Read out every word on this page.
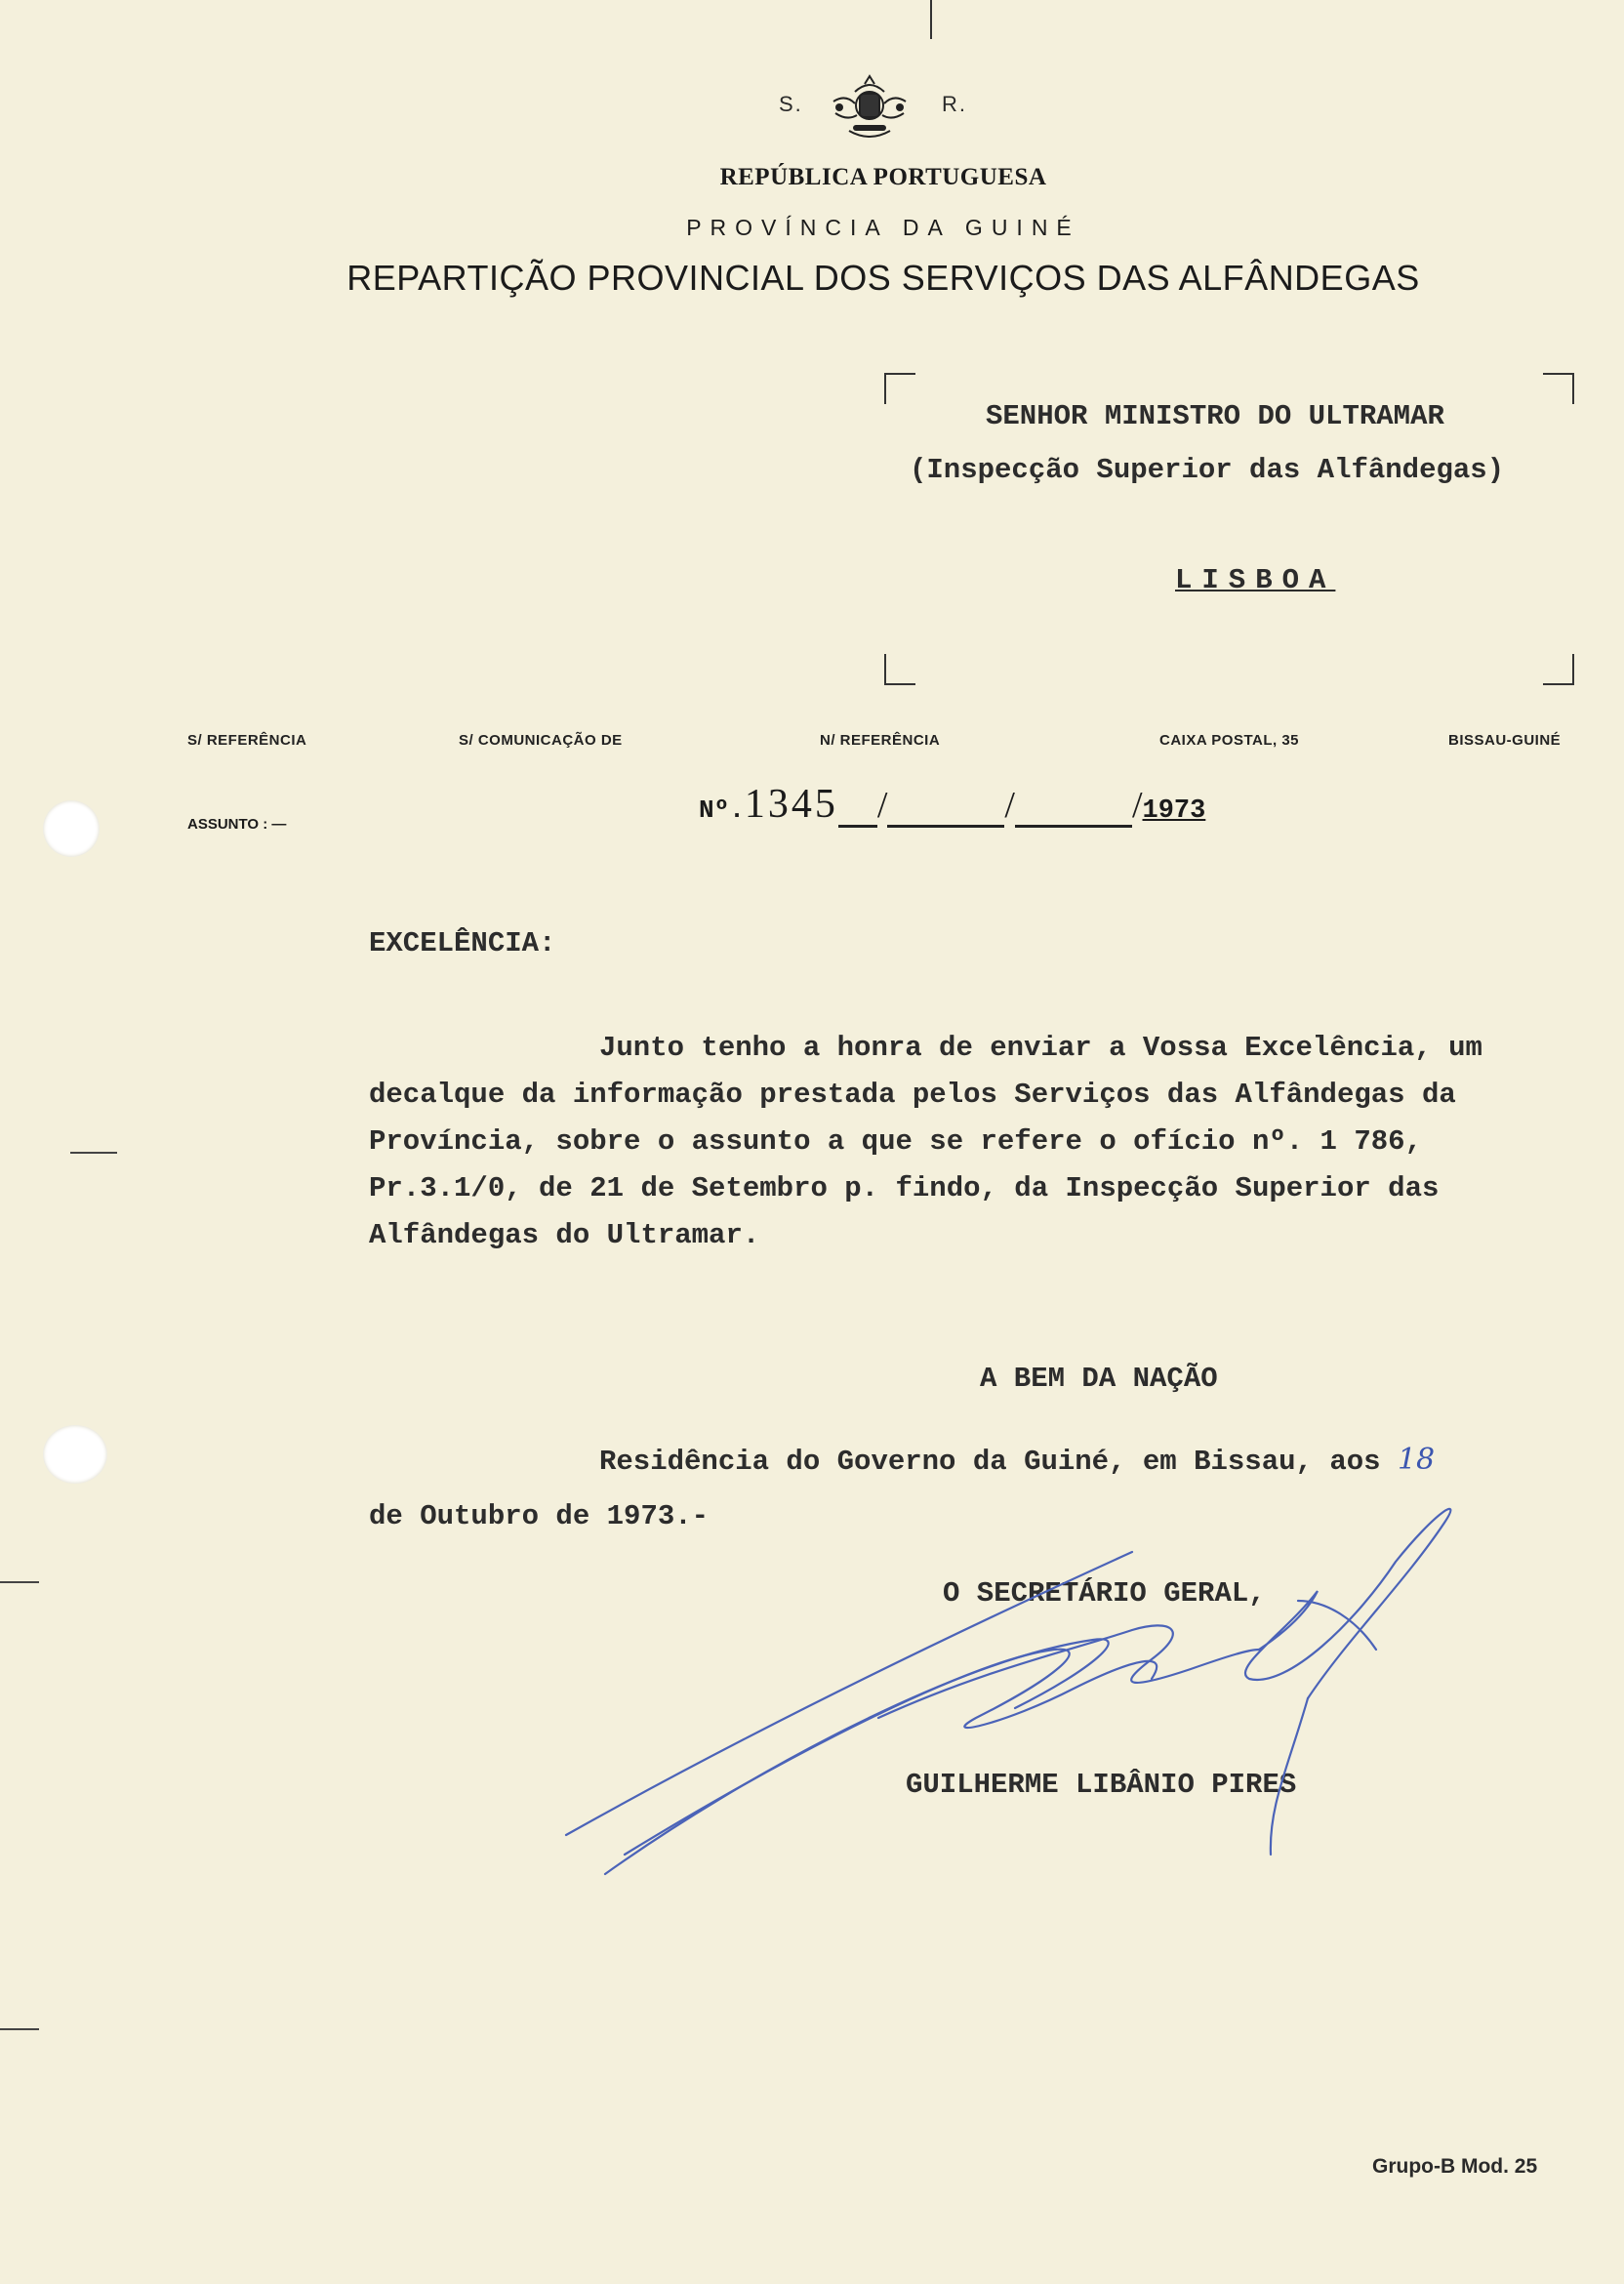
S.	R.
REPÚBLICA PORTUGUESA
PROVÍNCIA DA GUINÉ
REPARTIÇÃO PROVINCIAL DOS SERVIÇOS DAS ALFÂNDEGAS
SENHOR MINISTRO DO ULTRAMAR
(Inspecção Superior das Alfândegas)
LISBOA
S/ REFERÊNCIA	S/ COMUNICAÇÃO DE	N/ REFERÊNCIA	CAIXA POSTAL, 35	BISSAU-GUINÉ
ASSUNTO : —	Nº.1345 /	/	/1973
EXCELÊNCIA:
Junto tenho a honra de enviar a Vossa Excelência, um decalque da informação prestada pelos Serviços das Alfândegas da Província, sobre o assunto a que se refere o ofício nº. 1 786, Pr.3.1/0, de 21 de Setembro p. findo, da Inspecção Superior das Alfândegas do Ultramar.
A BEM DA NAÇÃO
Residência do Governo da Guiné, em Bissau, aos 18
de Outubro de 1973.-
O SECRETÁRIO GERAL,
GUILHERME LIBÂNIO PIRES
Grupo-B Mod. 25
